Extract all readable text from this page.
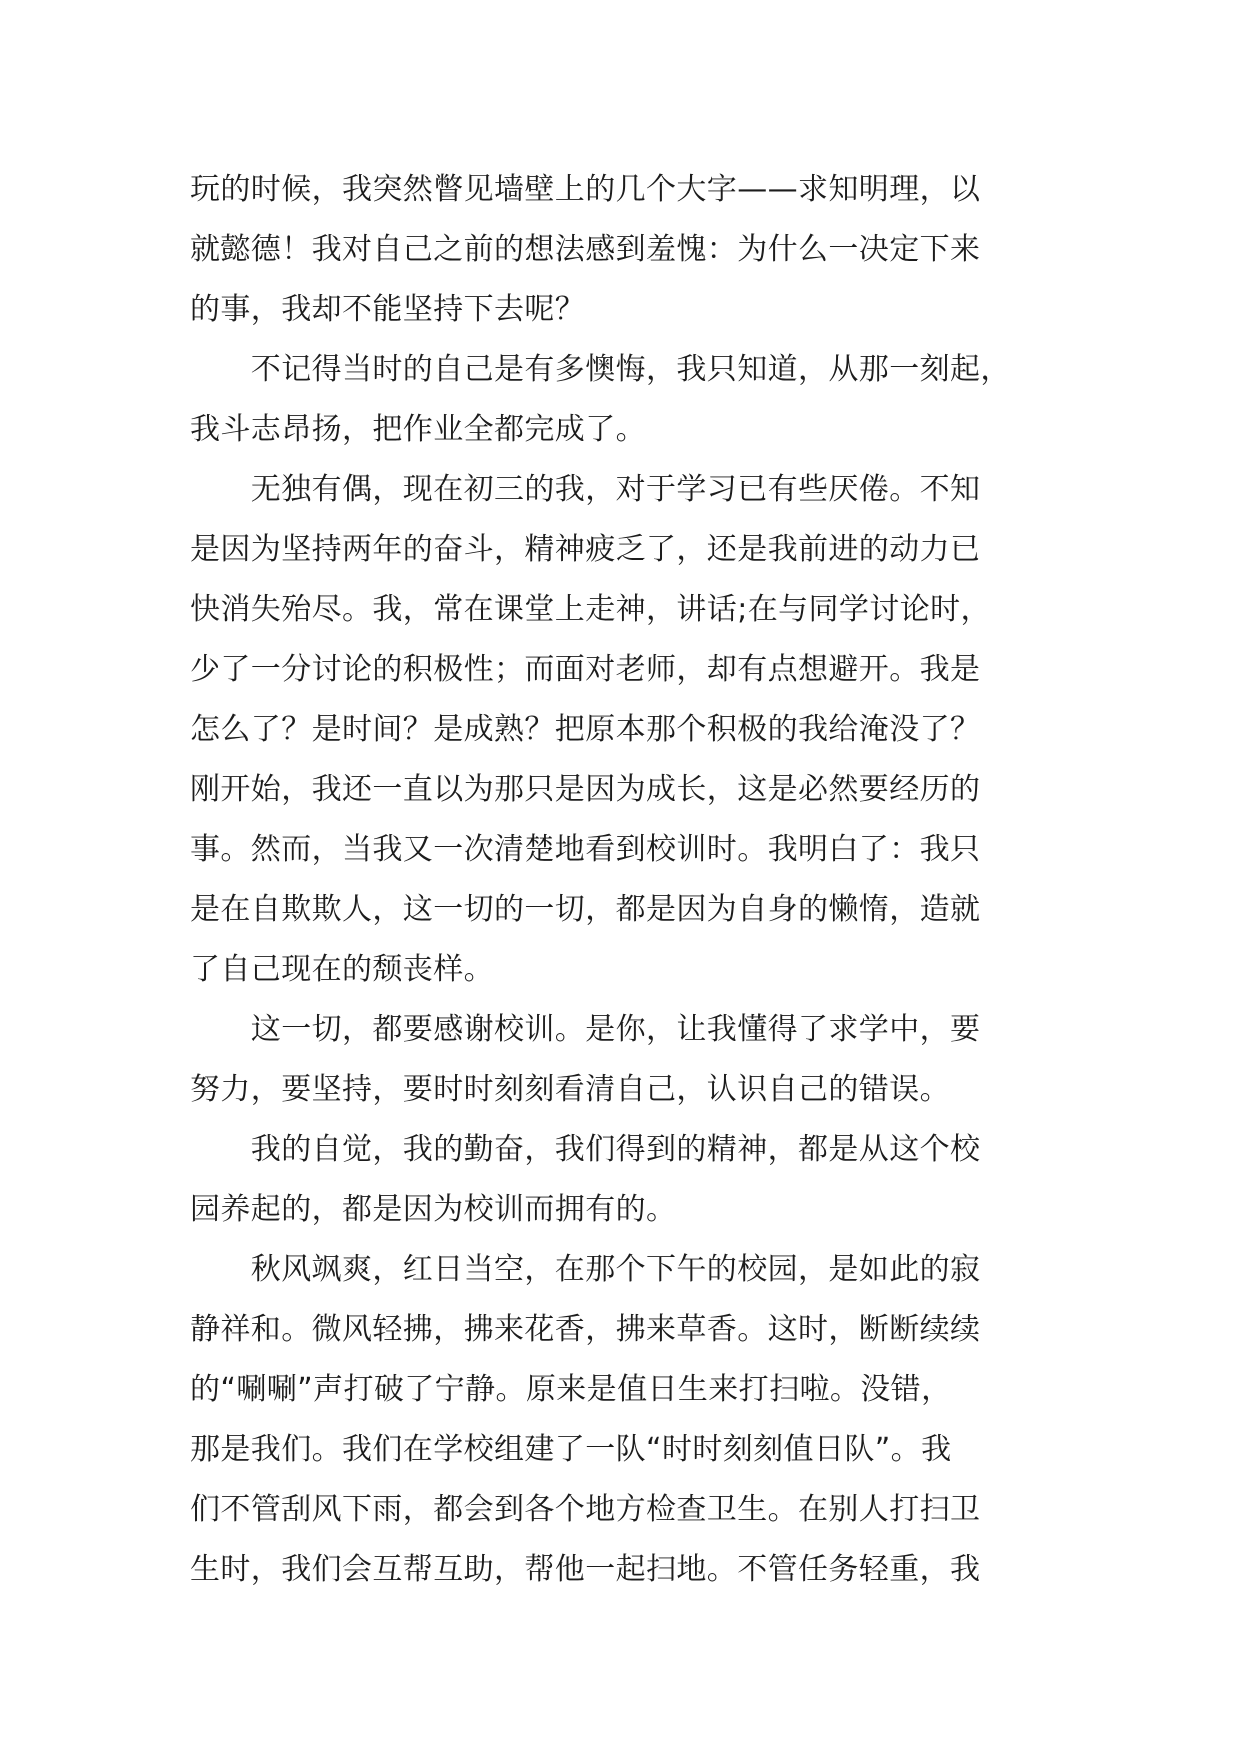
玩的时候，我突然瞥见墙壁上的几个大字——求知明理，以
就懿德！我对自己之前的想法感到羞愧：为什么一决定下来
的事，我却不能坚持下去呢？
　　不记得当时的自己是有多懊悔，我只知道，从那一刻起，
我斗志昂扬，把作业全都完成了。
　　无独有偶，现在初三的我，对于学习已有些厌倦。不知
是因为坚持两年的奋斗，精神疲乏了，还是我前进的动力已
快消失殆尽。我，常在课堂上走神，讲话;在与同学讨论时，
少了一分讨论的积极性；而面对老师，却有点想避开。我是
怎么了？是时间？是成熟？把原本那个积极的我给淹没了？
刚开始，我还一直以为那只是因为成长，这是必然要经历的
事。然而，当我又一次清楚地看到校训时。我明白了：我只
是在自欺欺人，这一切的一切，都是因为自身的懒惰，造就
了自己现在的颓丧样。
　　这一切，都要感谢校训。是你，让我懂得了求学中，要
努力，要坚持，要时时刻刻看清自己，认识自己的错误。
　　我的自觉，我的勤奋，我们得到的精神，都是从这个校
园养起的，都是因为校训而拥有的。
　　秋风飒爽，红日当空，在那个下午的校园，是如此的寂
静祥和。微风轻拂，拂来花香，拂来草香。这时，断断续续
的“唰唰”声打破了宁静。原来是值日生来打扫啦。没错，
那是我们。我们在学校组建了一队“时时刻刻值日队”。我
们不管刮风下雨，都会到各个地方检查卫生。在别人打扫卫
生时，我们会互帮互助，帮他一起扫地。不管任务轻重，我
